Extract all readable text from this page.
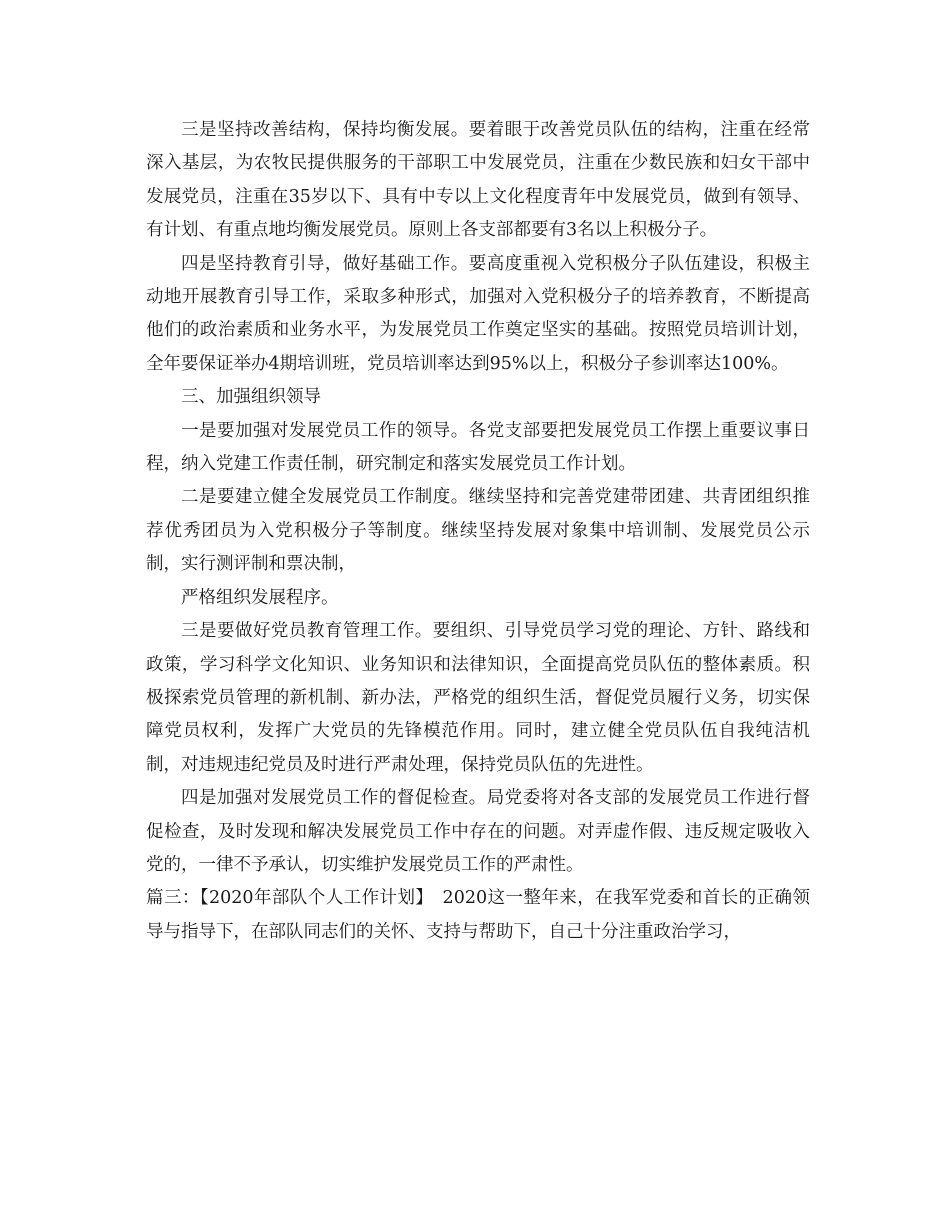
三是坚持改善结构，保持均衡发展。要着眼于改善党员队伍的结构，注重在经常深入基层，为农牧民提供服务的干部职工中发展党员，注重在少数民族和妇女干部中发展党员，注重在35岁以下、具有中专以上文化程度青年中发展党员，做到有领导、有计划、有重点地均衡发展党员。原则上各支部都要有3名以上积极分子。

四是坚持教育引导，做好基础工作。要高度重视入党积极分子队伍建设，积极主动地开展教育引导工作，采取多种形式，加强对入党积极分子的培养教育，不断提高他们的政治素质和业务水平，为发展党员工作奠定坚实的基础。按照党员培训计划，全年要保证举办4期培训班，党员培训率达到95%以上，积极分子参训率达100%。

三、加强组织领导

一是要加强对发展党员工作的领导。各党支部要把发展党员工作摆上重要议事日程，纳入党建工作责任制，研究制定和落实发展党员工作计划。

二是要建立健全发展党员工作制度。继续坚持和完善党建带团建、共青团组织推荐优秀团员为入党积极分子等制度。继续坚持发展对象集中培训制、发展党员公示制，实行测评制和票决制，

严格组织发展程序。

三是要做好党员教育管理工作。要组织、引导党员学习党的理论、方针、路线和政策，学习科学文化知识、业务知识和法律知识，全面提高党员队伍的整体素质。积极探索党员管理的新机制、新办法，严格党的组织生活，督促党员履行义务，切实保障党员权利，发挥广大党员的先锋模范作用。同时，建立健全党员队伍自我纯洁机制，对违规违纪党员及时进行严肃处理，保持党员队伍的先进性。

四是加强对发展党员工作的督促检查。局党委将对各支部的发展党员工作进行督促检查，及时发现和解决发展党员工作中存在的问题。对弄虚作假、违反规定吸收入党的，一律不予承认，切实维护发展党员工作的严肃性。

篇三：【2020年部队个人工作计划】　2020这一整年来，在我军党委和首长的正确领导与指导下，在部队同志们的关怀、支持与帮助下，自己十分注重政治学习，
